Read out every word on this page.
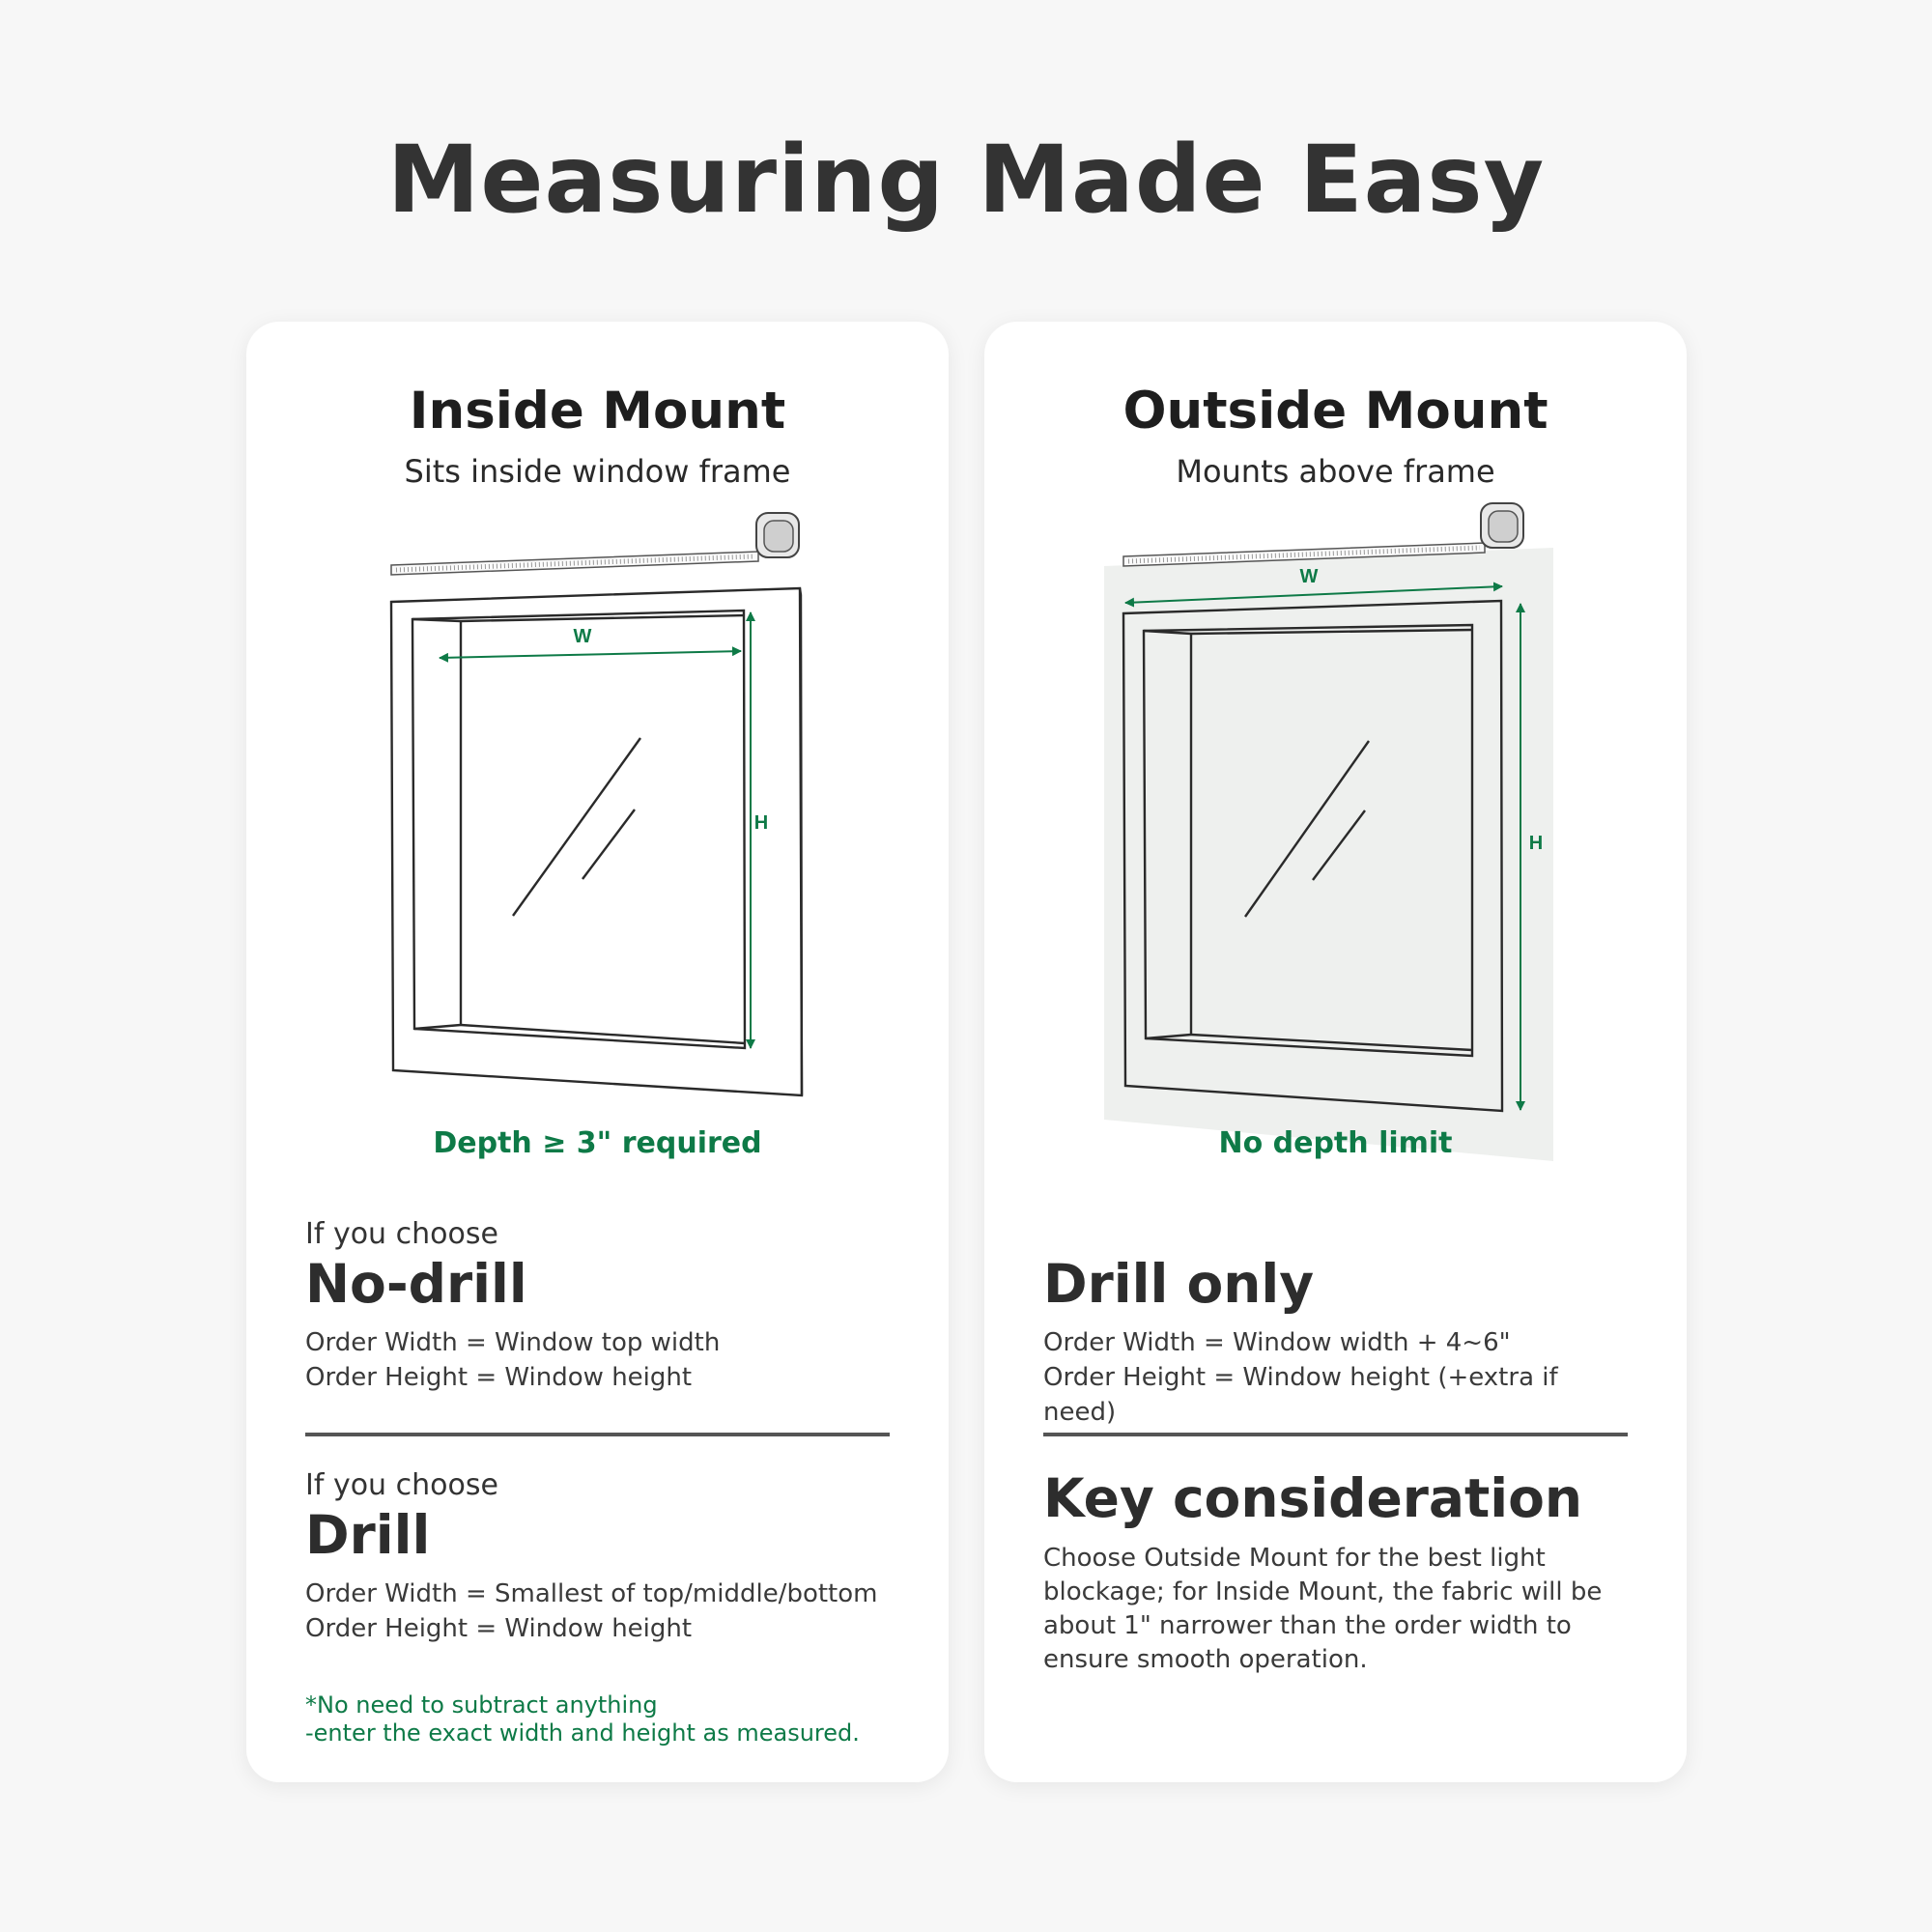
Measuring Made Easy
Inside Mount
Sits inside window frame
W
H
Depth ≥ 3" required
If you choose
No-drill
Order Width = Window top width
Order Height = Window height
If you choose
Drill
Order Width = Smallest of top/middle/bottom
Order Height = Window height
*No need to subtract anything
-enter the exact width and height as measured.
Outside Mount
Mounts above frame
W
H
No depth limit
Drill only
Order Width = Window width + 4~6"
Order Height = Window height (+extra if need)
Key consideration
Choose Outside Mount for the best light blockage; for Inside Mount, the fabric will be about 1" narrower than the order width to ensure smooth operation.
